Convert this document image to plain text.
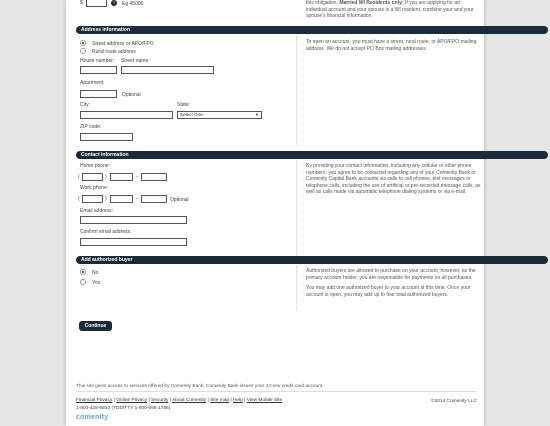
$	?	Eg 45000	this obligation. Married WI Residents only: If you are applying for an individual account and your spouse is a WI resident, combine your and your spouse's financial information.
Address information
Street address or APO/FPO
Rural route address
House number: Street name:
Apartment:
Optional
City:	State:
Select One-	▼
ZIP code:
To open an account, you must have a street, rural route, or APO/FPO mailing address. We do not accept PO Box mailing addresses.
Contact information
Home phone:
(	)	-
Work phone:
(	)	-	Optional
Email address:
Confirm email address:
By providing your contact information, including any cellular or other phone numbers, you agree to be contacted regarding any of your Comenity Bank or Comenity Capital Bank accounts via calls to cell phones, text messages or telephone calls, including the use of artificial or pre-recorded message calls, as well as calls made via automatic telephone dialing systems or via e-mail.
Add authorized buyer
No
Yes

Authorized buyers are allowed to purchase on your account; however, as the primary account holder, you are responsible for payments on all purchases.

You may add one authorized buyer to your account at this time. Once your account is open, you may add up to four total authorized buyers.

Continue
This site gives access to services offered by Comenity Bank. Comenity Bank issues your J.Crew credit card account.
Financial Privacy | Online Privacy | Security | About Comenity | Site map | Help | View Mobile Site
1-800-428-6810 (TDD/TTY 1-800-695-1788)
©2014 Comenity LLC
comenity
